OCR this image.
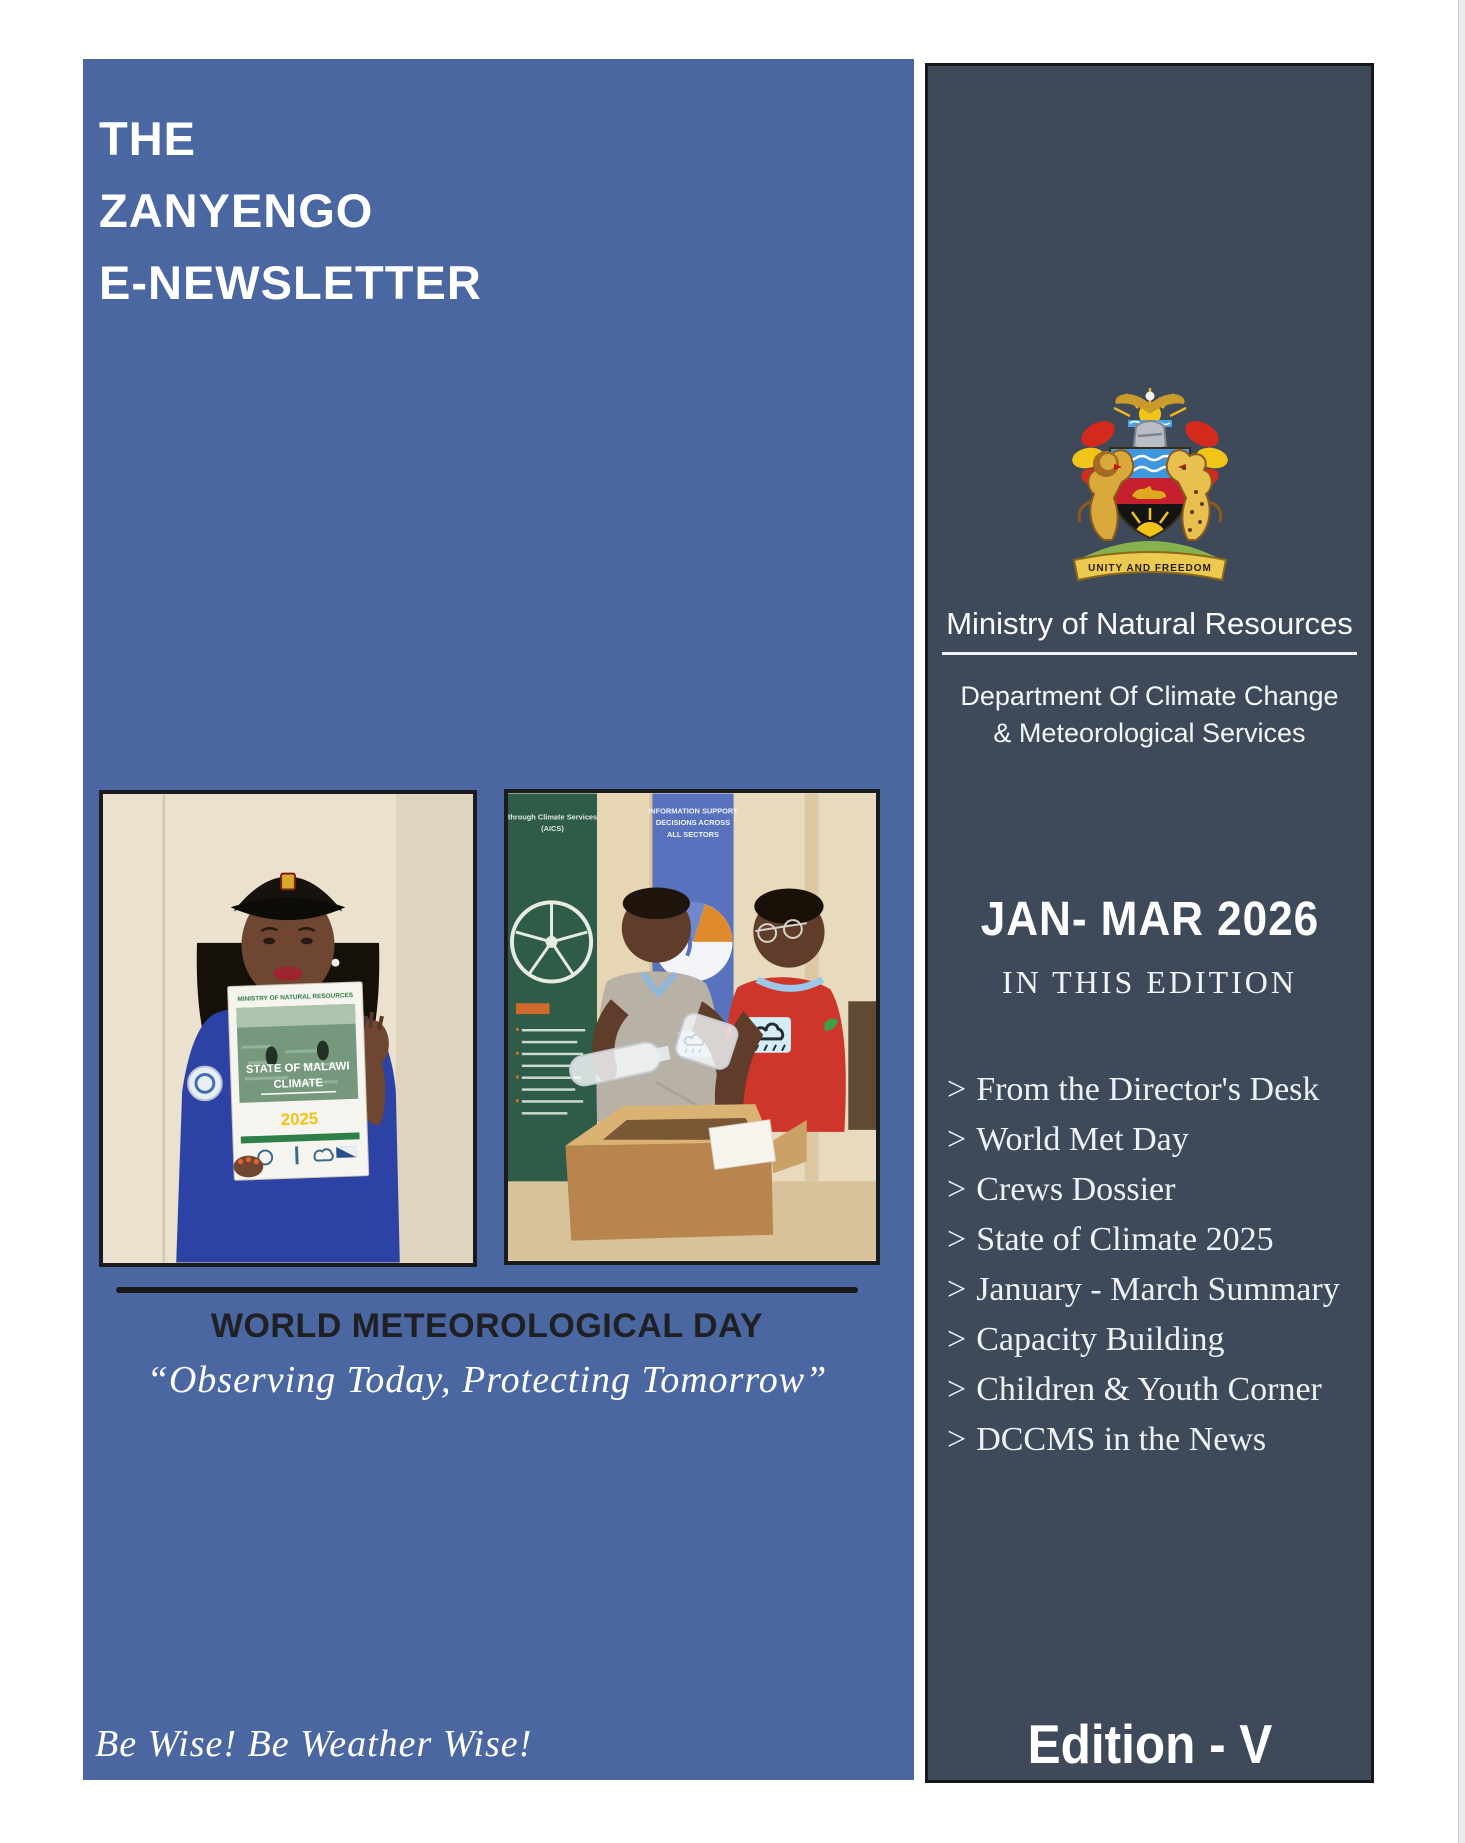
THE
ZANYENGO
E-NEWSLETTER
MINISTRY OF NATURAL RESOURCES
STATE OF MALAWI
CLIMATE
2025
through Climate Services
(AICS)
INFORMATION SUPPORT
DECISIONS ACROSS
ALL SECTORS
WORLD METEOROLOGICAL DAY
“Observing Today, Protecting Tomorrow”
Be Wise! Be Weather Wise!
UNITY AND FREEDOM
Ministry of Natural Resources
Department Of Climate Change
& Meteorological Services
JAN- MAR 2026
IN THIS EDITION
> From the Director's Desk
> World Met Day
> Crews Dossier
> State of Climate 2025
> January - March Summary
> Capacity Building
> Children & Youth Corner
> DCCMS in the News
Edition - V
